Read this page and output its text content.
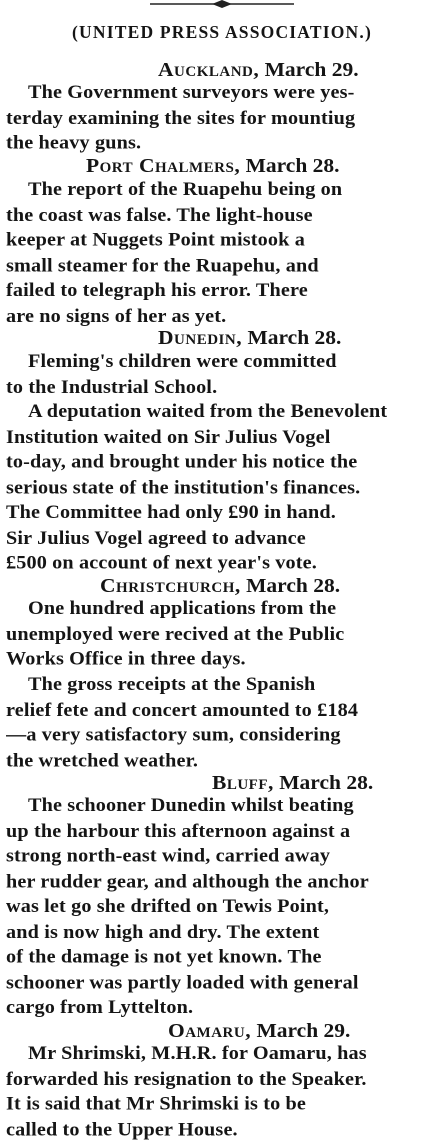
(UNITED PRESS ASSOCIATION.)
Auckland, March 29.
The Government surveyors were yes-
terday examining the sites for mountiug
the heavy guns.
Port Chalmers, March 28.
The report of the Ruapehu being on
the coast was false. The light-house
keeper at Nuggets Point mistook a
small steamer for the Ruapehu, and
failed to telegraph his error. There
are no signs of her as yet.
Dunedin, March 28.
Fleming's children were committed
to the Industrial School.
A deputation waited from the Benevolent
Institution waited on Sir Julius Vogel
to-day, and brought under his notice the
serious state of the institution's finances.
The Committee had only £90 in hand.
Sir Julius Vogel agreed to advance
£500 on account of next year's vote.
Christchurch, March 28.
One hundred applications from the
unemployed were recived at the Public
Works Office in three days.
The gross receipts at the Spanish
relief fete and concert amounted to £184
—a very satisfactory sum, considering
the wretched weather.
Bluff, March 28.
The schooner Dunedin whilst beating
up the harbour this afternoon against a
strong north-east wind, carried away
her rudder gear, and although the anchor
was let go she drifted on Tewis Point,
and is now high and dry. The extent
of the damage is not yet known. The
schooner was partly loaded with general
cargo from Lyttelton.
Oamaru, March 29.
Mr Shrimski, M.H.R. for Oamaru, has
forwarded his resignation to the Speaker.
It is said that Mr Shrimski is to be
called to the Upper House.
